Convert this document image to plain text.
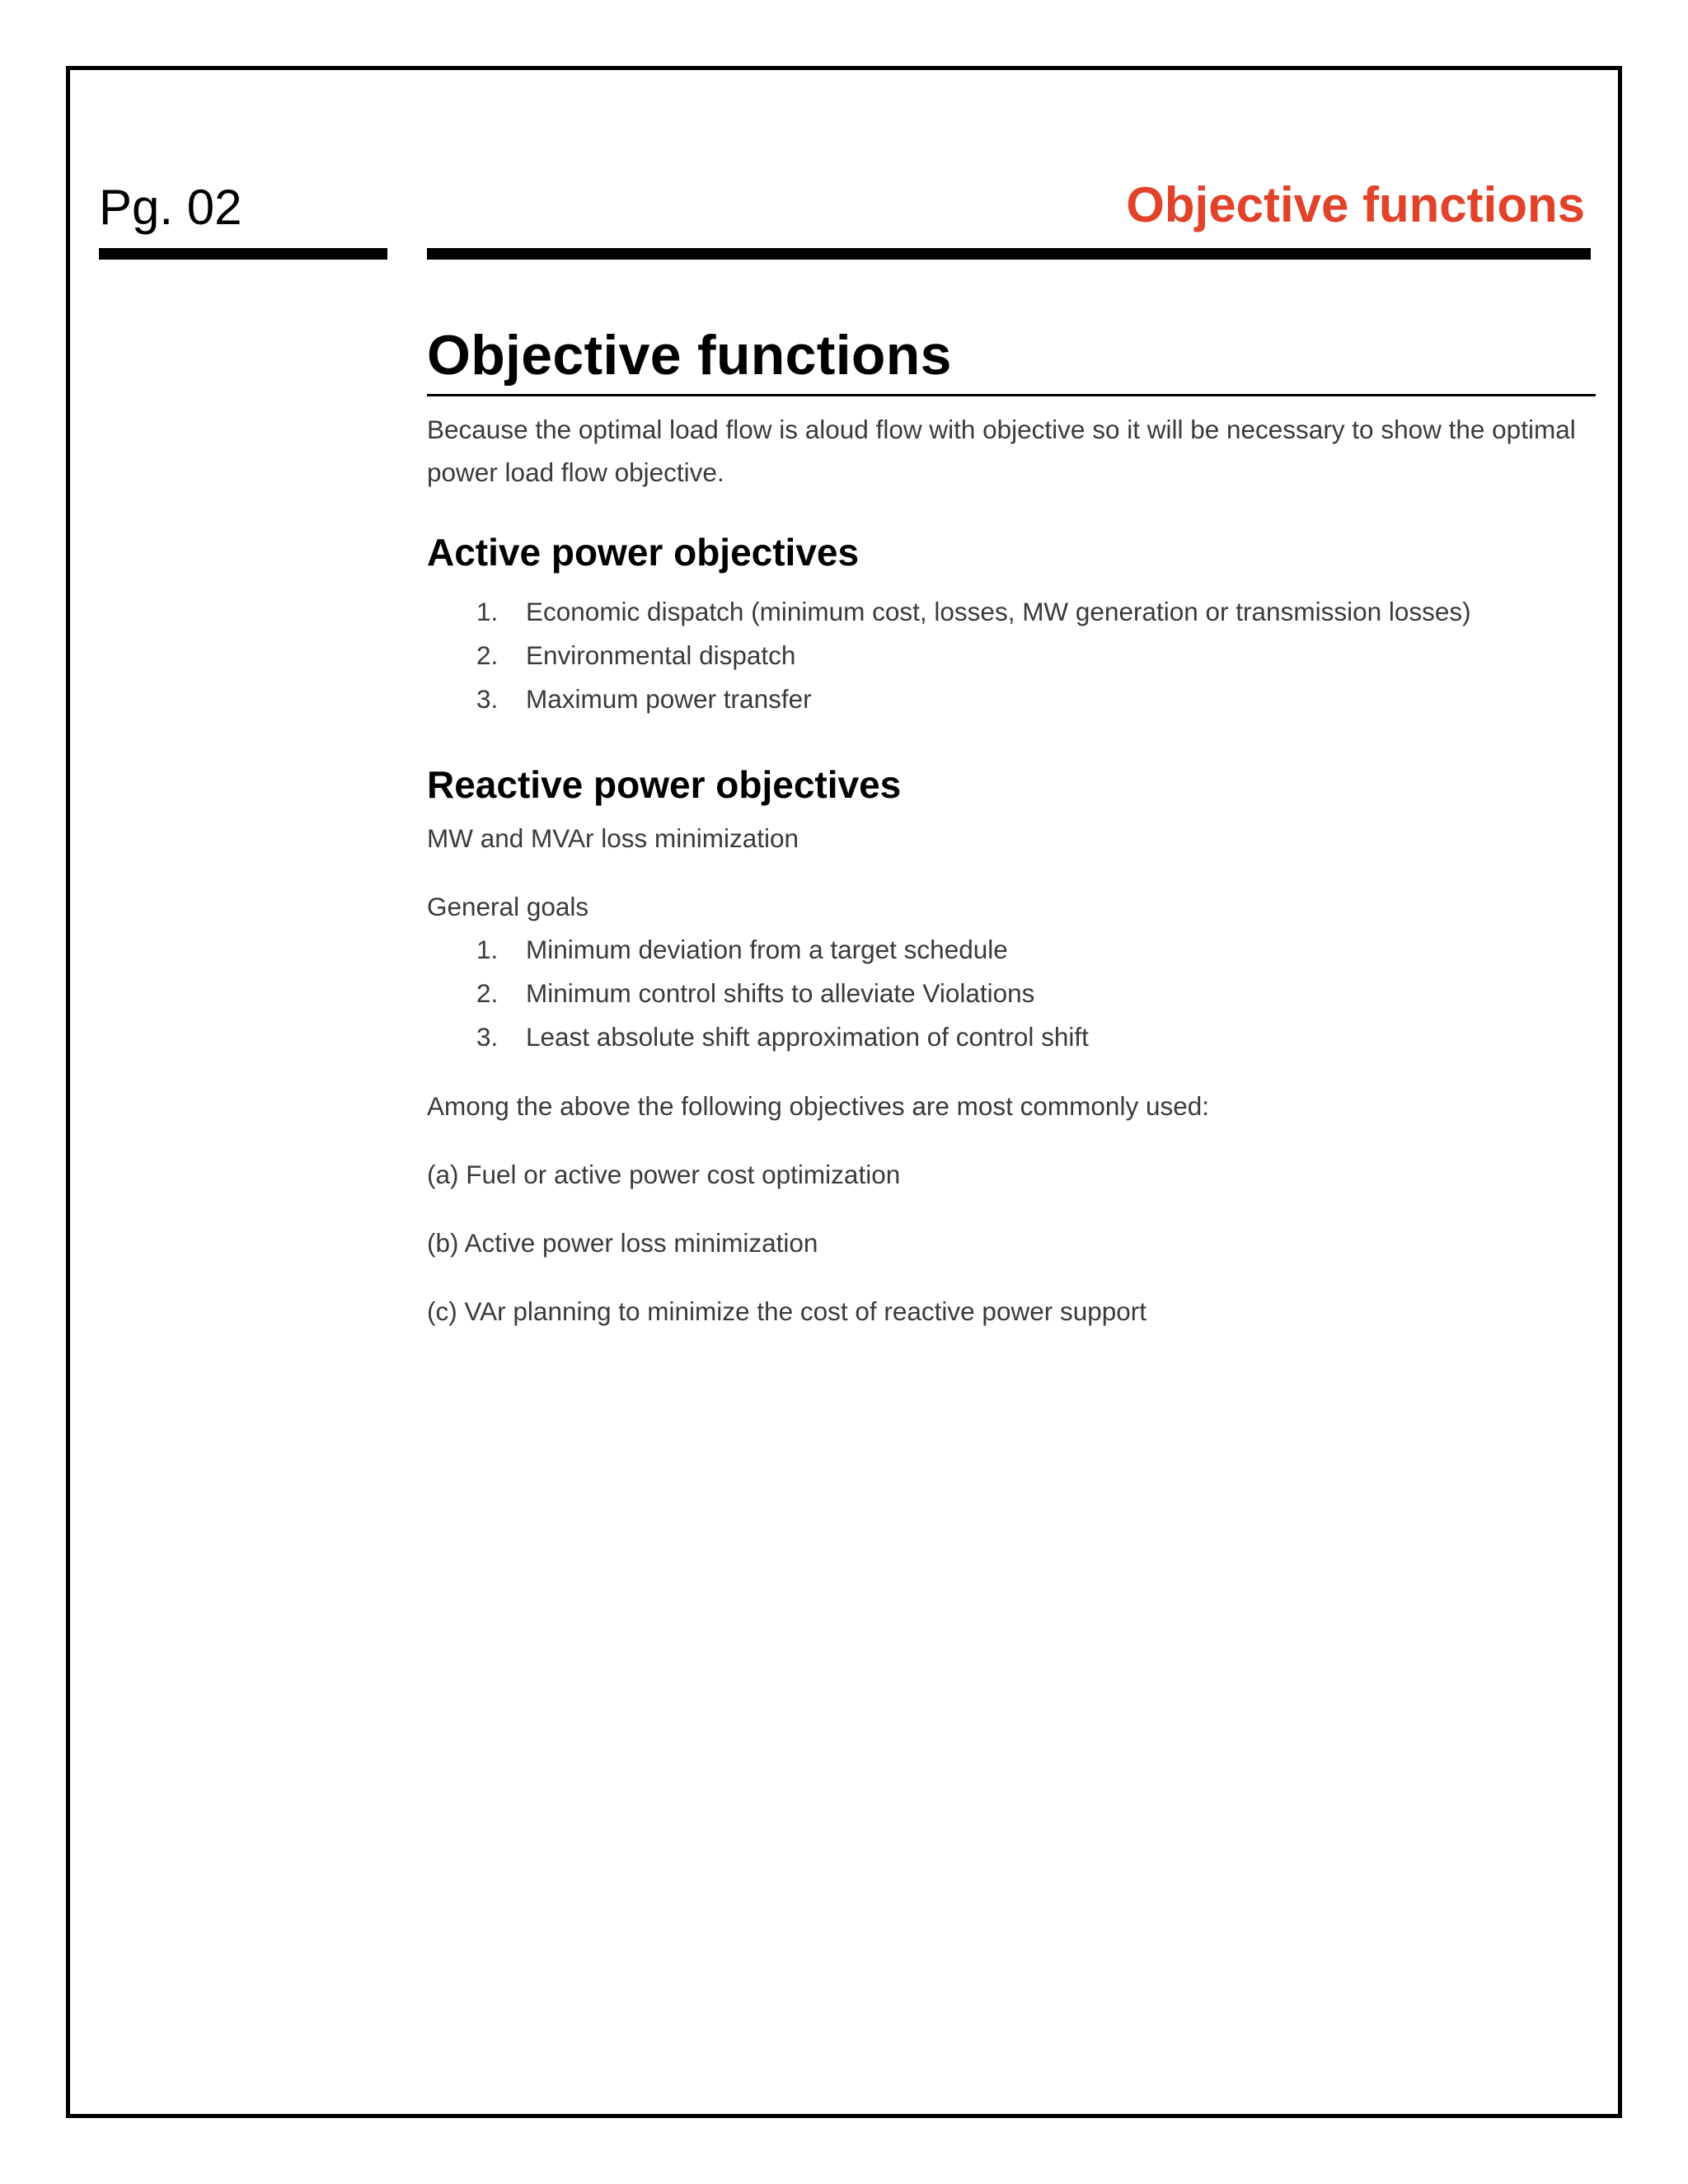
Pg. 02	Objective functions
Objective functions

Because the optimal load flow is aloud flow with objective so it will be necessary to show the optimal power load flow objective.

Active power objectives
1.	Economic dispatch (minimum cost, losses, MW generation or transmission losses)
2.	Environmental dispatch
3.	Maximum power transfer
Reactive power objectives

MW and MVAr loss minimization

General goals

1.	Minimum deviation from a target schedule
2.	Minimum control shifts to alleviate Violations
3.	Least absolute shift approximation of control shift

Among the above the following objectives are most commonly used:

(a) Fuel or active power cost optimization

(b) Active power loss minimization

(c) VAr planning to minimize the cost of reactive power support
